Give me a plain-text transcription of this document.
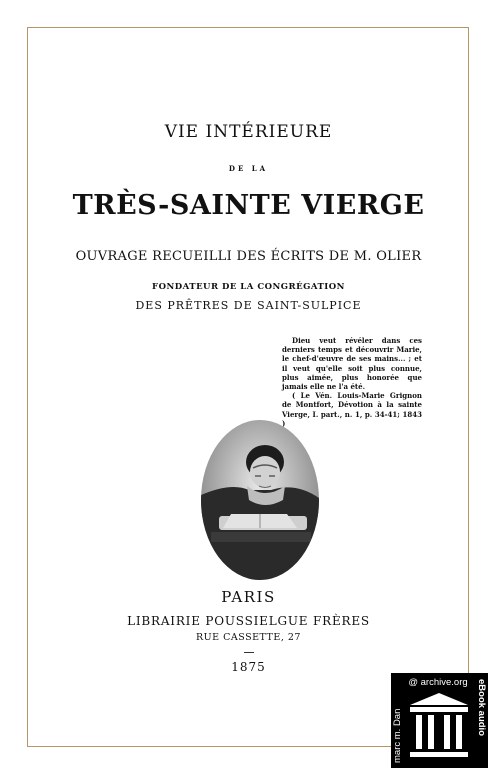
VIE INTÉRIEURE
DE LA
TRÈS-SAINTE VIERGE
OUVRAGE RECUEILLI DES ÉCRITS DE M. OLIER
FONDATEUR DE LA CONGRÉGATION
DES PRÊTRES DE SAINT-SULPICE

Dieu veut révéler dans ces derniers temps et découvrir Marie, le chef-d'œuvre de ses mains... ; et il veut qu'elle soit plus connue, plus aimée, plus honorée que jamais elle ne l'a été.

( Le Vén. Louis-Marie Grignon de Montfort, Dévotion à la sainte Vierge, I. part., n. 1, p. 34-41; 1843 )

PARIS
LIBRAIRIE POUSSIELGUE FRÈRES
RUE CASSETTE, 27
1875
@ archive.org
marc m. Dan	eBook audio
